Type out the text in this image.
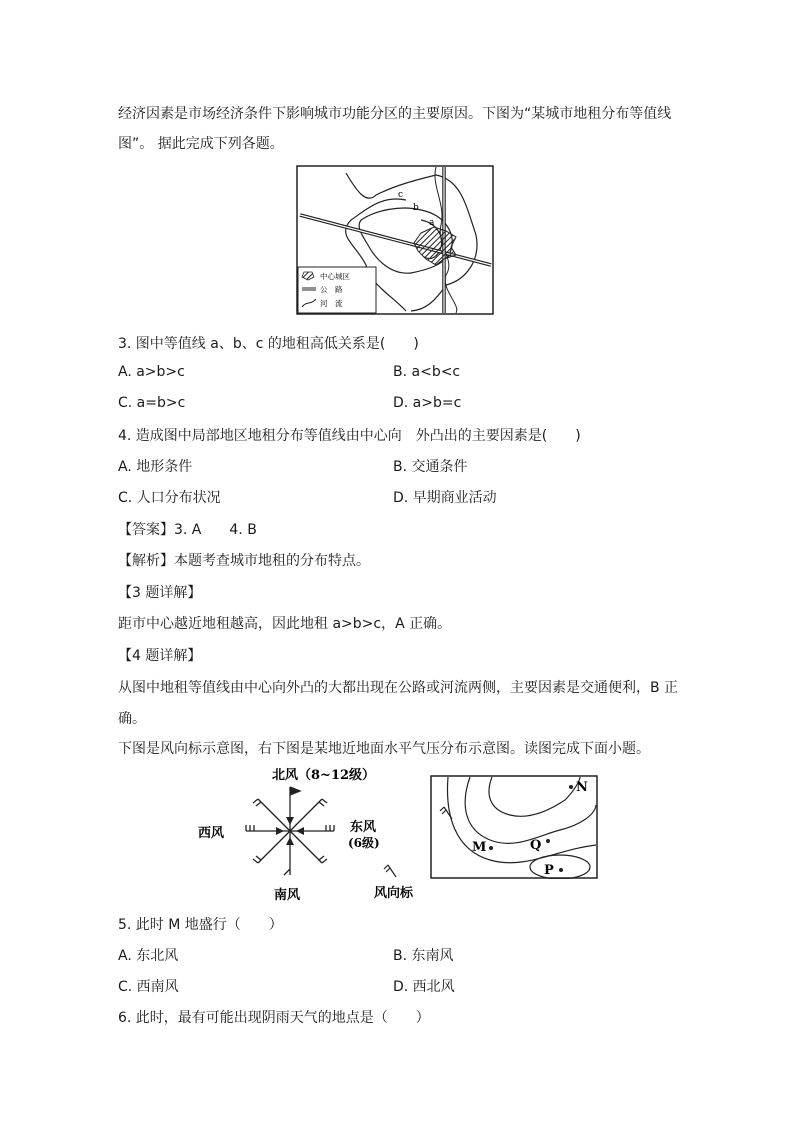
经济因素是市场经济条件下影响城市功能分区的主要原因。下图为“某城市地租分布等值线
图”。 据此完成下列各题。
c
b
a
中心城区
公　路
河　流
3. 图中等值线 a、b、c 的地租高低关系是(　　)
A. a>b>c	B. a<b<c
C. a=b>c	D. a>b=c
4. 造成图中局部地区地租分布等值线由中心向　外凸出的主要因素是(　　)
A. 地形条件	B. 交通条件
C. 人口分布状况	D. 早期商业活动
【答案】3. A　　4. B
【解析】本题考查城市地租的分布特点。
【3 题详解】
距市中心越近地租越高，因此地租 a>b>c，A 正确。
【4 题详解】
从图中地租等值线由中心向外凸的大都出现在公路或河流两侧，主要因素是交通便利，B 正
确。
下图是风向标示意图，右下图是某地近地面水平气压分布示意图。读图完成下面小题。
北风（8~12级）
西风	东风
(6级)
南风	风向标
N
M	Q
P
5. 此时 M 地盛行（　　）
A. 东北风	B. 东南风
C. 西南风	D. 西北风
6. 此时，最有可能出现阴雨天气的地点是（　　）
